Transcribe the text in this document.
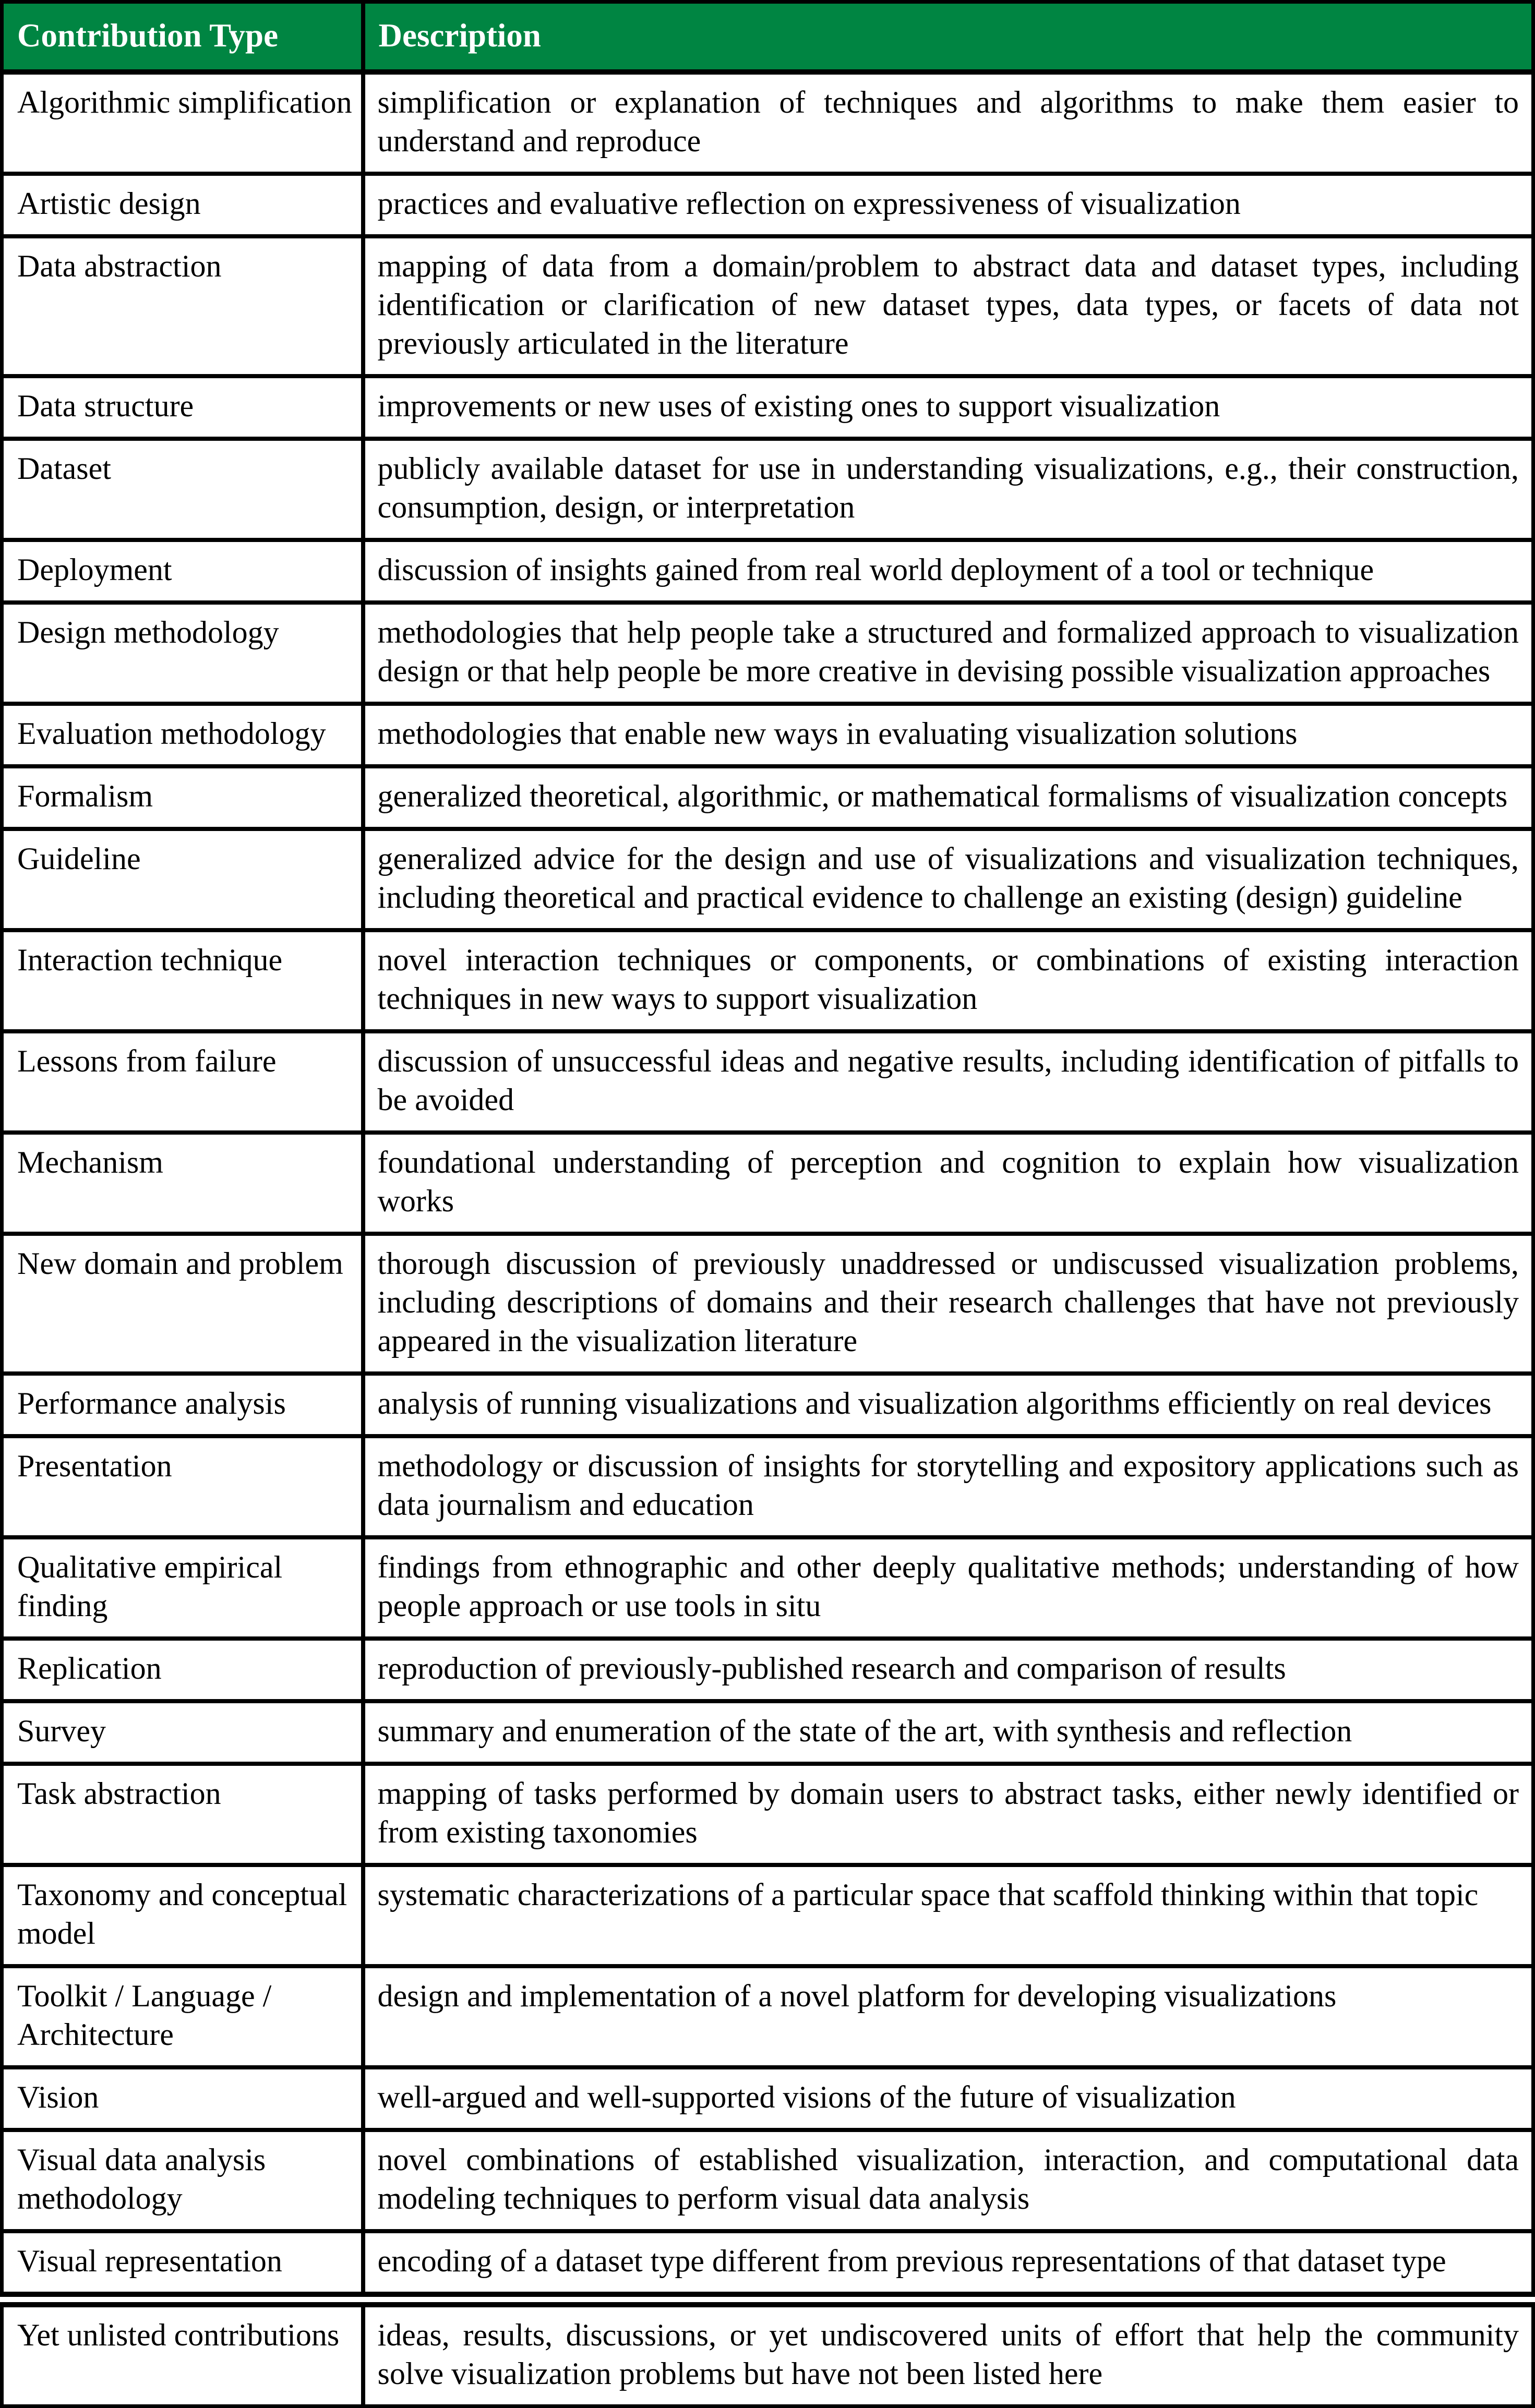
Contribution Type	Description
Algorithmic simplification	simplification or explanation of techniques and algorithms to make them easier to understand and reproduce
Artistic design	practices and evaluative reflection on expressiveness of visualization
Data abstraction	mapping of data from a domain/problem to abstract data and dataset types, including identification or clarification of new dataset types, data types, or facets of data not previously articulated in the literature
Data structure	improvements or new uses of existing ones to support visualization
Dataset	publicly available dataset for use in understanding visualizations, e.g., their construction, consumption, design, or interpretation
Deployment	discussion of insights gained from real world deployment of a tool or technique
Design methodology	methodologies that help people take a structured and formalized approach to visualization design or that help people be more creative in devising possible visualization approaches
Evaluation methodology	methodologies that enable new ways in evaluating visualization solutions
Formalism	generalized theoretical, algorithmic, or mathematical formalisms of visualization concepts
Guideline	generalized advice for the design and use of visualizations and visualization techniques, including theoretical and practical evidence to challenge an existing (design) guideline
Interaction technique	novel interaction techniques or components, or combinations of existing interaction techniques in new ways to support visualization
Lessons from failure	discussion of unsuccessful ideas and negative results, including identification of pitfalls to be avoided
Mechanism	foundational understanding of perception and cognition to explain how visualization works
New domain and problem	thorough discussion of previously unaddressed or undiscussed visualization problems, including descriptions of domains and their research challenges that have not previously appeared in the visualization literature
Performance analysis	analysis of running visualizations and visualization algorithms efficiently on real devices
Presentation	methodology or discussion of insights for storytelling and expository applications such as data journalism and education
Qualitative empirical finding	findings from ethnographic and other deeply qualitative methods; understanding of how people approach or use tools in situ
Replication	reproduction of previously-published research and comparison of results
Survey	summary and enumeration of the state of the art, with synthesis and reflection
Task abstraction	mapping of tasks performed by domain users to abstract tasks, either newly identified or from existing taxonomies
Taxonomy and conceptual model	systematic characterizations of a particular space that scaffold thinking within that topic
Toolkit / Language / Architecture	design and implementation of a novel platform for developing visualizations
Vision	well-argued and well-supported visions of the future of visualization
Visual data analysis methodology	novel combinations of established visualization, interaction, and computational data modeling techniques to perform visual data analysis
Visual representation	encoding of a dataset type different from previous representations of that dataset type
Yet unlisted contributions	ideas, results, discussions, or yet undiscovered units of effort that help the community solve visualization problems but have not been listed here
